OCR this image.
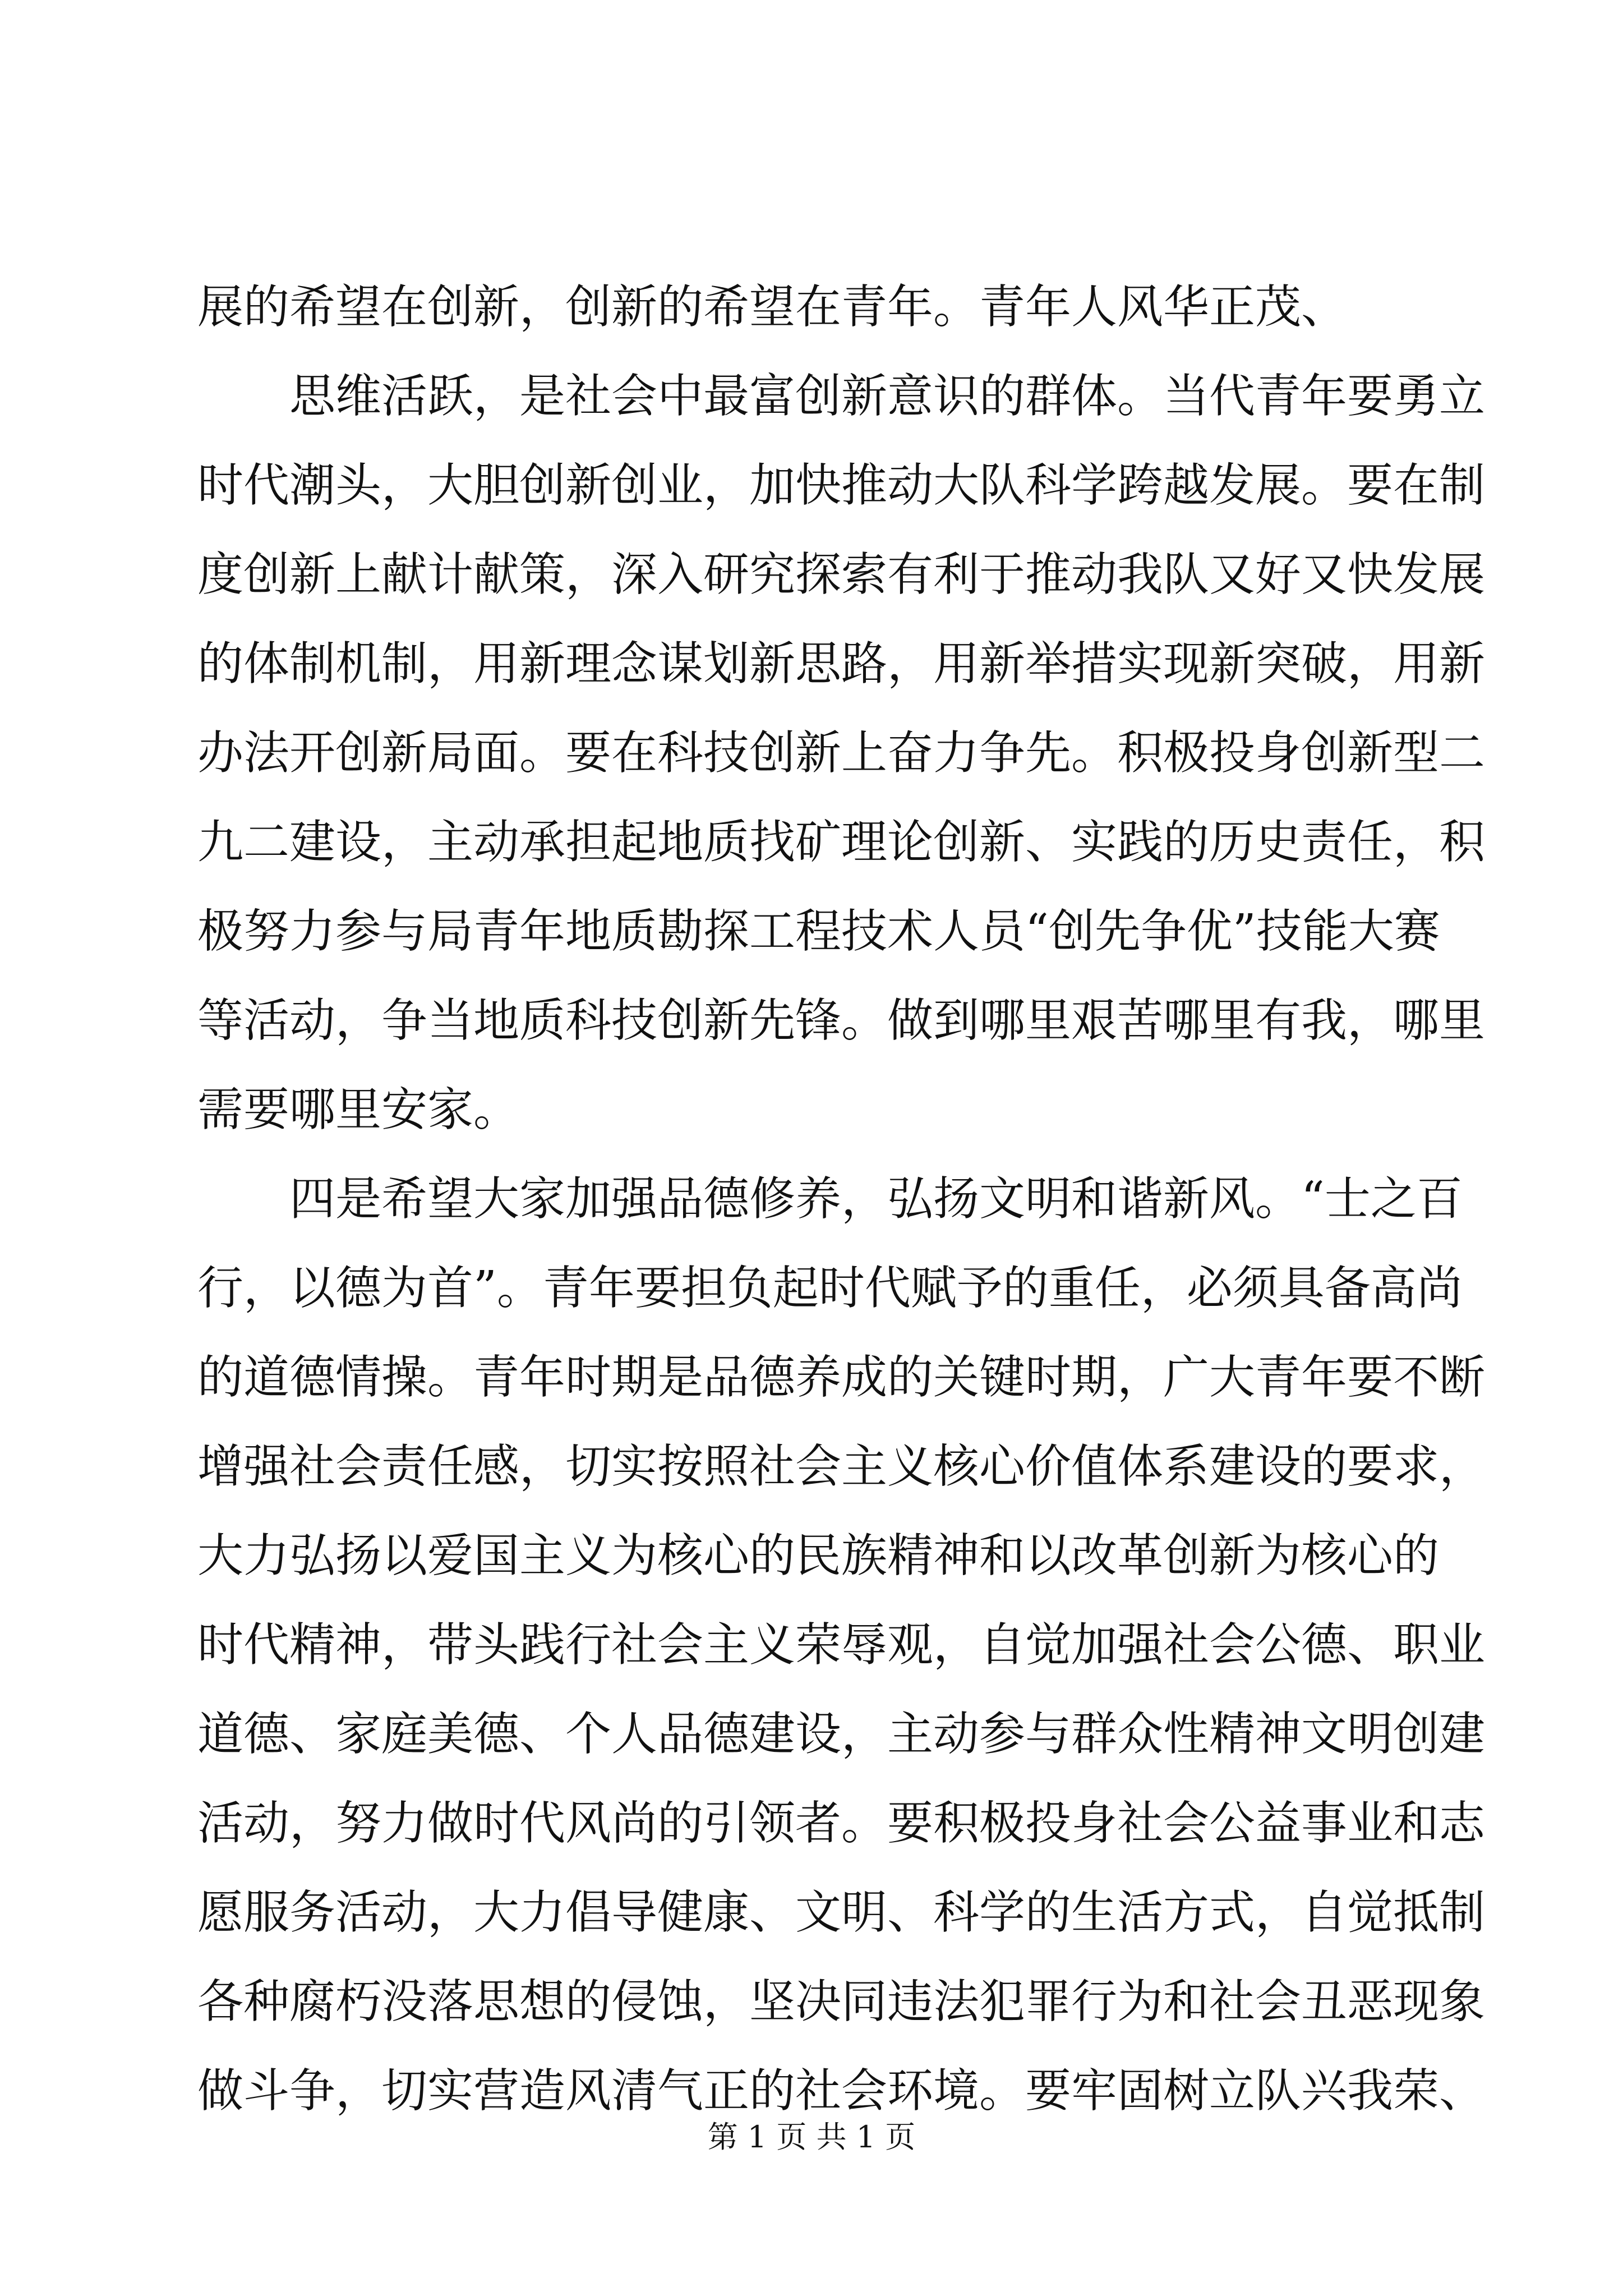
展的希望在创新，创新的希望在青年。青年人风华正茂、
思维活跃，是社会中最富创新意识的群体。当代青年要勇立
时代潮头，大胆创新创业，加快推动大队科学跨越发展。要在制
度创新上献计献策，深入研究探索有利于推动我队又好又快发展
的体制机制，用新理念谋划新思路，用新举措实现新突破，用新
办法开创新局面。要在科技创新上奋力争先。积极投身创新型二
九二建设，主动承担起地质找矿理论创新、实践的历史责任，积
极努力参与局青年地质勘探工程技术人员“创先争优”技能大赛
等活动，争当地质科技创新先锋。做到哪里艰苦哪里有我，哪里
需要哪里安家。
四是希望大家加强品德修养，弘扬文明和谐新风。“士之百
行，以德为首”。青年要担负起时代赋予的重任，必须具备高尚
的道德情操。青年时期是品德养成的关键时期，广大青年要不断
增强社会责任感，切实按照社会主义核心价值体系建设的要求，
大力弘扬以爱国主义为核心的民族精神和以改革创新为核心的
时代精神，带头践行社会主义荣辱观，自觉加强社会公德、职业
道德、家庭美德、个人品德建设，主动参与群众性精神文明创建
活动，努力做时代风尚的引领者。要积极投身社会公益事业和志
愿服务活动，大力倡导健康、文明、科学的生活方式，自觉抵制
各种腐朽没落思想的侵蚀，坚决同违法犯罪行为和社会丑恶现象
做斗争，切实营造风清气正的社会环境。要牢固树立队兴我荣、
第 1 页 共 1 页
